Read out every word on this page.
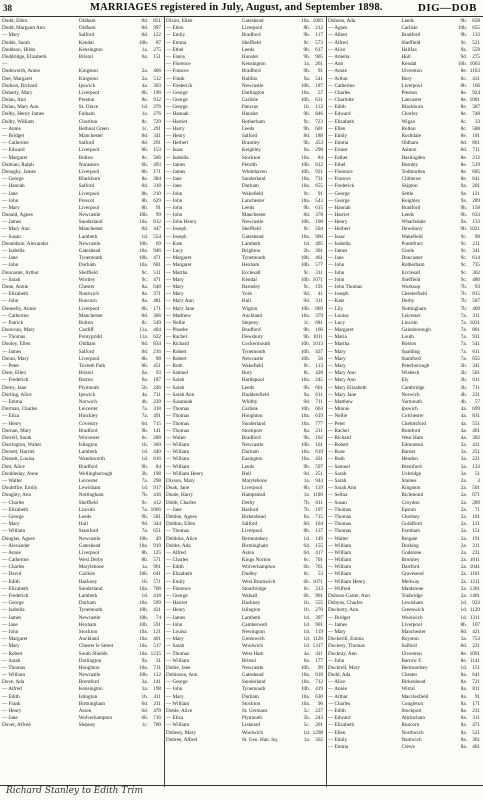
38	MARRIAGES registered in July, August, and September 1898.	DIG—DOB
Dodd, Ellen	Oldham	8d. 851
Dodd, Margaret Ann	Oldham	8d. 997
— Mary	Salford	8d. 122
Dodds, Sarah	Kendal	10b. 87
Doddson, Hilda	Kensington	1a. 275
Doddridge, Elizabeth	Bristol	6a. 151
—
Dodsworth, Annie	Kingston	2a. 466
Doe, Margaret	Kingston	2a. 512
Dodson, Richard	Ipswich	4a. 303
Doherty, Mary	Liverpool	8b. 196
Dolan, Ann	Preston	8e. 912
Dolan, Mary Ann	St. Olave	1d. 376
Dolby, Henry James	Fulham	1a. 276
Dolby, William	Chorlton	8c. 729
— Annie	Bethnal Green	1c. 291
— Bridget	Manchester	8d. 341
— Catherine	Salford	8d. 291
— Edward	Liverpool	8b. 153
— Margaret	Bolton	8c. 566
Dolman, Ralph	Nuneaton	6b. 493
Donaghy, James	Liverpool	8b. 171
— George	Blackburn	8e. 384
— Hannah	Salford	8d. 318
— Jane	Liverpool	8b. 210
— John	Prescot	8b. 629
— Mary	Liverpool	8b. 91
Donald, Agnes	Newcastle	10b. 99
— James	Sunderland	10a. 812
— Mary Ann	Manchester	8d. 447
— Susan	Lambeth	1d. 554
Donaldson, Alexander	Newcastle	10b. 69
— Isabella	Gateshead	10a. 946
— Jane	Tynemouth	10b. 471
— John	Durham	10a. 681
Doncaster, Arthur	Sheffield	9c. 511
— Sarah	Wortley	9c. 471
Done, Annie	Chester	8a. 648
— Elizabeth	Nantwich	8a. 371
— John	Runcorn	8a. 481
Donnelly, Annie	Liverpool	8b. 171
— Catherine	Manchester	8d. 366
— Patrick	Bolton	8c. 549
Donovan, Mary	Cardiff	11a. 404
— Thomas	Pontypridd	11a. 622
Dooley, Ellen	Oldham	8d. 834
— James	Salford	8d. 216
Doran, Mary	Liverpool	8b. 98
— Peter	Toxteth Park	8b. 451
Dore, Ellen	Bristol	6a. 93
— Frederick	Barton	6a. 187
Dorey, Jane	Plymouth	5b. 246
Dorling, Alice	Ipswich	4a. 711
— Emma	Norwich	4b. 239
Dorman, Charles	Leicester	7a. 318
— Eliza	Hinckley	7a. 491
— Henry	Coventry	6d. 715
Dornan, Mary	Bradford	9b. 141
Dorrell, Sarah	Worcester	6c. 288
Dorrington, Walter	Islington	1b. 360
Dorsett, Harriet	Lambeth	1d. 440
Dossett, Louisa	Wandsworth	1d. 816
Dott, Alice	Bradford	9b. 84
Doubleday, Anne	Wellingborough	3b. 198
— Walter	Leicester	7a. 298
Doubtfire, Emily	Lewisham	1d. 917
Doughty, Ann	Nottingham	7b. 416
— Charles	Sheffield	9c. 412
— Elizabeth	Lincoln	7a. 1066
— George	Leeds	9b. 581
— Mary	Hull	9d. 344
— William	Stamford	7a. 651
Douglas, Agnes	Newcastle	10b. 49
— Alexander	Gateshead	10a. 919
— Annie	Liverpool	8b. 125
— Catherine	West Derby	8b. 571
— Charles	Marylebone	1a. 961
— David	Carlisle	10b. 641
— Edith	Hackney	1b. 571
— Elizabeth	Sunderland	10a. 766
— Frederick	Lambeth	1d. 418
— George	Durham	10a. 599
— Isabella	Tynemouth	10b. 421
— James	Newcastle	10b. 74
— Jane	Hexham	10b. 591
— John	Stockton	10a. 121
— Margaret	Auckland	10a. 401
— Mary	Chester le Street	10a. 517
— Robert	South Shields	10a. 1215
— Sarah	Darlington	9a. 31
— Thomas	Houghton	10a. 711
— William	Newcastle	10b. 112
Dove, Ada	Brentford	3a. 141
— Alfred	Kensington	1a. 198
— Edith	Islington	1b. 411
— Frank	Birmingham	6d. 211
— Henry	Aston	6d. 478
— Jane	Wolverhampton	6b. 716
Dover, Alfred	Stepney	1c. 700
Dixon, Ellen	Gateshead	10a. 1003
— Ellen	Liverpool	8b. 212
— Emily	Bradford	9b. 117
— Emma	Sheffield	9c. 573
— Ethel	Leeds	9b. 617
— Fanny	Hunslet	9b. 905
— Florence	Kensington	1a. 261
— Frances	Bradford	9b. 91
— Frank	Halifax	9a. 541
— Frederick	Newcastle	10b. 187
— George	Darlington	10a. 57
— George	Carlisle	10b. 631
— George	Pancras	1b. 112
— Hannah	Hunslet	9b. 846
— Harriet	Rotherham	9c. 723
— Harry	Leeds	9b. 601
— Henry	Salford	8d. 188
— Herbert	Bramley	9b. 453
— Isaac	Keighley	9a. 298
— Isabella	Stockton	10a. 84
— James	Penrith	10b. 812
— James	Whitehaven	10b. 921
— Jane	Sunderland	10a. 731
— Jane	Durham	10a. 655
— John	Wakefield	9c. 91
— John	Lanchester	10a. 543
— John	Leeds	9b. 615
— John	Manchester	8d. 378
— John Henry	Newcastle	10b. 108
— Joseph	Sheffield	9c. 504
— Joseph	Gateshead	10a. 960
— Kate	Lambeth	1d. 495
— Lucy	Brighton	2b. 301
— Margaret	Tynemouth	10b. 461
— Margaret	Hexham	10b. 577
— Martha	Ecclesall	9c. 311
— Mary	Kendal	10b. 1071
— Mary	Barnsley	9c. 191
— Mary	York	9d. 41
— Mary Ann	Hull	9d. 311
— Mary Jane	Wigton	10b. 869
— Matthew	Auckland	10a. 379
— Nellie	Stepney	1c. 681
— Phoebe	Bradford	9b. 166
— Rachel	Dewsbury	9b. 1011
— Richard	Cockermouth	10b. 1013
— Robert	Tynemouth	10b. 437
— Robert	Newcastle	10b. 56
— Ruth	Wakefield	9c. 113
— Samuel	Bury	8c. 428
— Sarah	Hartlepool	10a. 245
— Sarah	Leeds	9b. 661
— Sarah Ann	Huddersfield	9a. 611
— Susannah	Whitby	9d. 711
— Thomas	Carlisle	10b. 663
— Thomas	Houghton	10a. 619
— Thomas	Sunderland	10a. 777
— Thomas	Stockport	8a. 211
— Walter	Bradford	9b. 102
— William	Newcastle	10b. 161
— William	Durham	10a. 619
— William	Easington	10a. 431
— William	Leeds	9b. 597
— William Henry	Hull	9d. 251
Dixson, Mary	Marylebone	1a. 944
Doak, Jane	Liverpool	8b. 119
Doale, Harry	Hampstead	1a. 1100
Dobb, Charles	Derby	7b. 611
— Jane	Basford	7b. 197
Dobbie, Agnes	Birkenhead	8a. 715
Dobbin, Ellen	Salford	8d. 104
— Thomas	Liverpool	8b. 137
Dobbins, Alice	Bermondsey	1d. 149
Dobbs, Ada	Birmingham	6d. 155
— Alfred	Aston	6d. 417
— Charles	Kings Norton	6c. 701
— Edith	Wolverhampton	6b. 761
— Elizabeth	Dudley	6c. 53
— Emily	West Bromwich	6b. 1071
— Florence	Stourbridge	6c. 313
— George	Walsall	6b. 901
— Harriet	Hackney	1b. 555
— Henry	Islington	1b. 270
— James	Lambeth	1d. 397
— John	Camberwell	1d. 901
— Louisa	Newington	1d. 119
— Mary	Greenwich	1d. 1120
— Sarah	Woolwich	1d. 1317
— Thomas	West Ham	4a. 411
— William	Bristol	6a. 177
Dobie, Jane	Newcastle	10b. 99
Dobinson, Ann	Gateshead	10a. 918
— George	Sunderland	10a. 712
— John	Tynemouth	10b. 419
— Mary	Durham	10a. 630
— William	Stockton	10a. 96
Doble, Alice	St. Germans	5c. 227
— Eliza	Plymouth	5b. 243
— William	Liskeard	5c. 201
Dobney, Mary	Woolwich	1d. 1298
Dobree, Alfred	St. Geo. Han. Sq.	1a. 562
Dobson, Ada	Leeds	9b. 658
— Agnes	Carlisle	10b. 655
— Albert	Bradford	9b. 133
— Alfred	Sheffield	9c. 521
— Alice	Halifax	9a. 559
— Amelia	Hull	9d. 275
— Ann	Kendal	10b. 1063
— Annie	Ulverston	8e. 1103
— Arthur	Bury	8c. 431
— Catherine	Liverpool	8b. 166
— Charles	Preston	8e. 924
— Charlotte	Lancaster	8e. 1001
— Edith	Blackburn	8e. 367
— Edward	Chorley	8e. 748
— Elizabeth	Wigan	8c. 33
— Ellen	Bolton	8c. 588
— Emily	Rochdale	8e. 101
— Emma	Oldham	8d. 861
— Ernest	Ashton	8d. 711
— Esther	Haslingden	8e. 212
— Ethel	Burnley	8e. 519
— Florence	Todmorden	8e. 605
— Frances	Clitheroe	8e. 641
— Frederick	Skipton	9a. 201
— George	Settle	9a. 121
— George	Keighley	9a. 289
— Hannah	Bradford	9b. 158
— Harriet	Leeds	9b. 633
— Henry	Wharfedale	9a. 133
— Herbert	Dewsbury	9b. 1021
— Isaac	Wakefield	9c. 98
— Isabella	Pontefract	9c. 211
— James	Goole	9c. 341
— Jane	Doncaster	9c. 614
— John	Rotherham	9c. 735
— John	Ecclesall	9c. 302
— John	Sheffield	9c. 480
— John Thomas	Worksop	7b. 93
— Joseph	Chesterfield	7b. 815
— Kate	Derby	7b. 587
— Lily	Nottingham	7b. 409
— Louisa	Leicester	7a. 311
— Lucy	Lincoln	7a. 1031
— Margaret	Gainsborough	7a. 801
— Maria	Louth	7a. 931
— Martha	Boston	7a. 541
— Mary	Spalding	7a. 611
— Mary	Stamford	7a. 655
— Mary	Peterborough	3b. 341
— Mary Ann	Wisbech	3b. 501
— Mary Ann	Ely	3b. 611
— Mary Elizabeth	Cambridge	3b. 711
— Mary Jane	Norwich	4b. 231
— Matthew	Yarmouth	4b. 57
— Minnie	Ipswich	4a. 699
— Nellie	Colchester	4a. 831
— Peter	Chelmsford	4a. 551
— Rachel	Romford	4a. 461
— Richard	West Ham	4a. 302
— Robert	Edmonton	3a. 431
— Rose	Barnet	3a. 251
— Ruth	Hendon	3a. 221
— Samuel	Brentford	3a. 133
— Sarah	Uxbridge	3a. 51
— Sarah	Staines	2a. 3
— Sarah Ann	Kingston	2a. 501
— Selina	Richmond	2a. 671
— Susan	Croydon	2a. 289
— Thomas	Epsom	2a. 71
— Thomas	Chertsey	2a. 101
— Thomas	Guildford	2a. 121
— Thomas	Farnham	2a. 151
— Walter	Reigate	2a. 191
— William	Dorking	2a. 211
— William	Godstone	2a. 231
— William	Bromley	2a. 1011
— William	Dartford	2a. 1041
— William	Gravesend	2a. 1101
— William Henry	Medway	2a. 1211
— Wilfred	Maidstone	2a. 1301
Dobson-Carter, Ann	Tonbridge	2a. 1401
Dobyns, Charles	Lewisham	1d. 933
Docherty, Ann	Greenwich	1d. 1129
— Bridget	Woolwich	1d. 1311
— James	Liverpool	8b. 107
— Mary	Manchester	8d. 421
Dockerill, Emma	Royston	3a. 753
Dockery, Thomas	Salford	8d. 231
Dockray, Ann	Ulverston	8e. 1091
— John	Barrow F.	8e. 1141
Dockrell, Mary	Bermondsey	1d. 151
Dodd, Ada	Chester	8a. 641
— Alice	Birkenhead	8a. 721
— Annie	Wirral	8a. 811
— Arthur	Macclesfield	8a. 91
— Charles	Congleton	8a. 171
— Edith	Stockport	8a. 231
— Edward	Altrincham	8a. 311
— Elizabeth	Runcorn	8a. 471
— Ellen	Northwich	8a. 521
— Emily	Nantwich	8a. 361
— Emma	Crewe	8a. 401
Richard Stanley to Edith Trim
